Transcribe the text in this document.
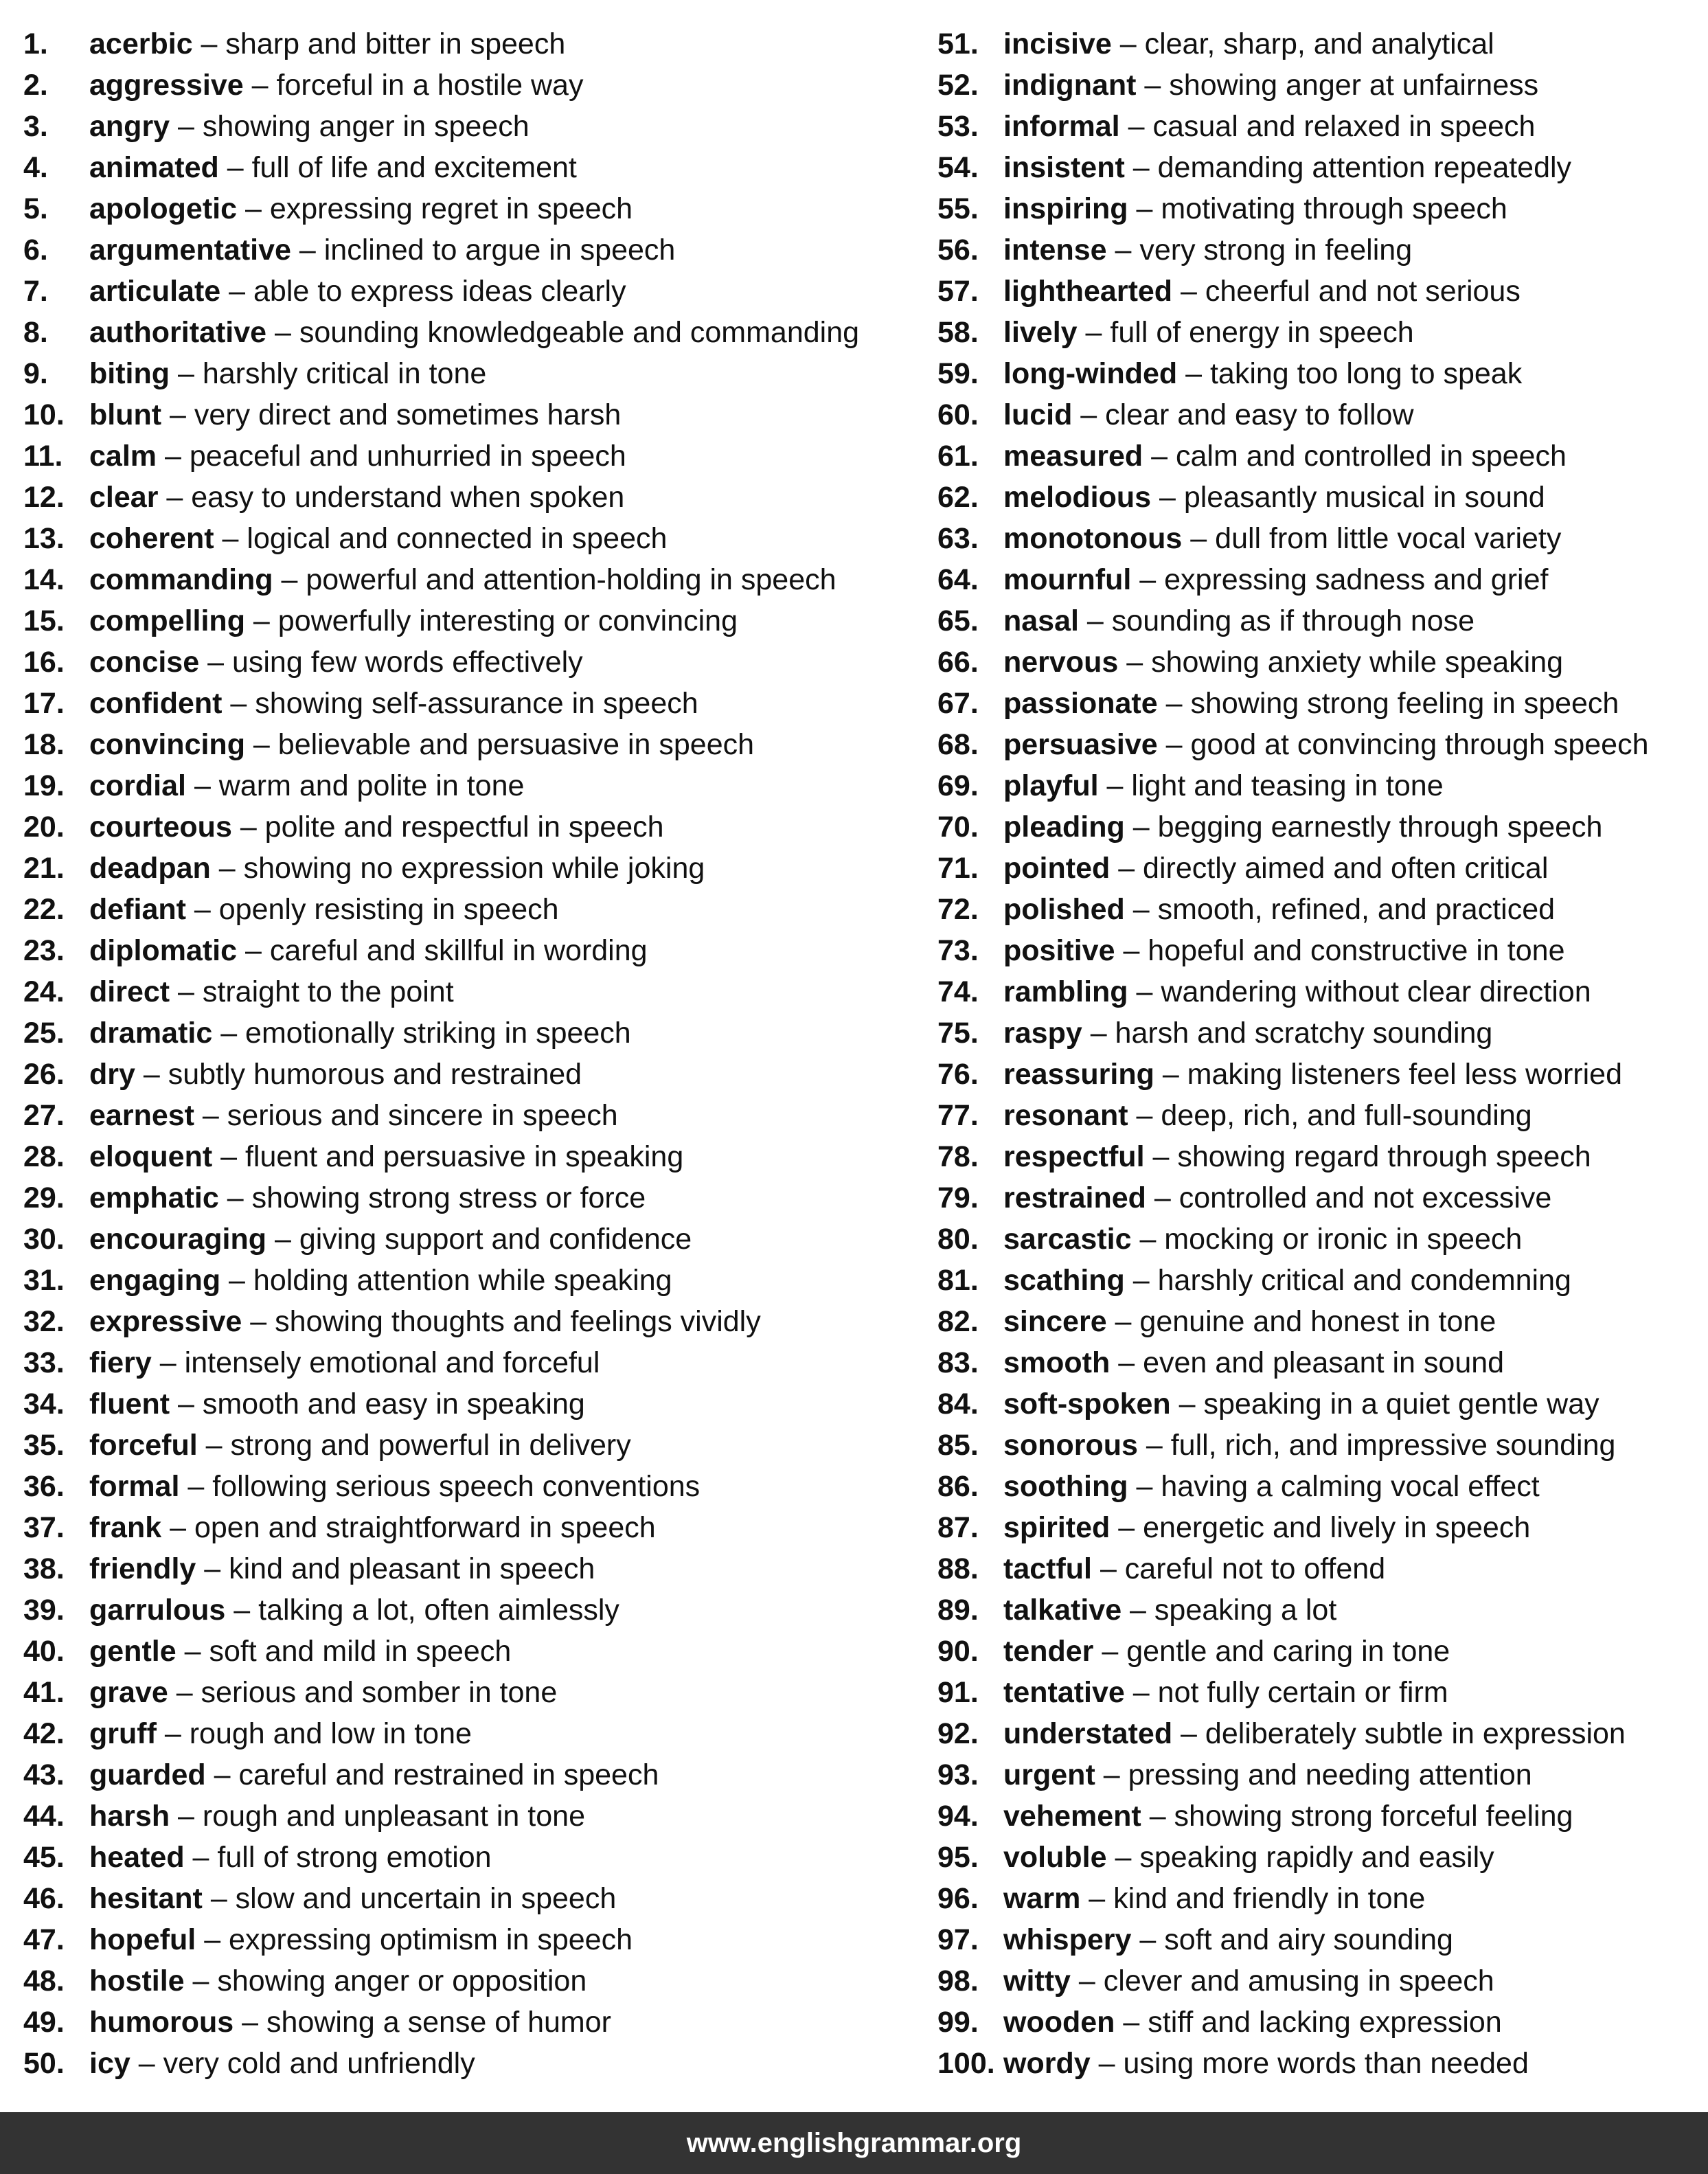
1. acerbic – sharp and bitter in speech
2. aggressive – forceful in a hostile way
3. angry – showing anger in speech
4. animated – full of life and excitement
5. apologetic – expressing regret in speech
6. argumentative – inclined to argue in speech
7. articulate – able to express ideas clearly
8. authoritative – sounding knowledgeable and commanding
9. biting – harshly critical in tone
10. blunt – very direct and sometimes harsh
11. calm – peaceful and unhurried in speech
12. clear – easy to understand when spoken
13. coherent – logical and connected in speech
14. commanding – powerful and attention-holding in speech
15. compelling – powerfully interesting or convincing
16. concise – using few words effectively
17. confident – showing self-assurance in speech
18. convincing – believable and persuasive in speech
19. cordial – warm and polite in tone
20. courteous – polite and respectful in speech
21. deadpan – showing no expression while joking
22. defiant – openly resisting in speech
23. diplomatic – careful and skillful in wording
24. direct – straight to the point
25. dramatic – emotionally striking in speech
26. dry – subtly humorous and restrained
27. earnest – serious and sincere in speech
28. eloquent – fluent and persuasive in speaking
29. emphatic – showing strong stress or force
30. encouraging – giving support and confidence
31. engaging – holding attention while speaking
32. expressive – showing thoughts and feelings vividly
33. fiery – intensely emotional and forceful
34. fluent – smooth and easy in speaking
35. forceful – strong and powerful in delivery
36. formal – following serious speech conventions
37. frank – open and straightforward in speech
38. friendly – kind and pleasant in speech
39. garrulous – talking a lot, often aimlessly
40. gentle – soft and mild in speech
41. grave – serious and somber in tone
42. gruff – rough and low in tone
43. guarded – careful and restrained in speech
44. harsh – rough and unpleasant in tone
45. heated – full of strong emotion
46. hesitant – slow and uncertain in speech
47. hopeful – expressing optimism in speech
48. hostile – showing anger or opposition
49. humorous – showing a sense of humor
50. icy – very cold and unfriendly
51. incisive – clear, sharp, and analytical
52. indignant – showing anger at unfairness
53. informal – casual and relaxed in speech
54. insistent – demanding attention repeatedly
55. inspiring – motivating through speech
56. intense – very strong in feeling
57. lighthearted – cheerful and not serious
58. lively – full of energy in speech
59. long-winded – taking too long to speak
60. lucid – clear and easy to follow
61. measured – calm and controlled in speech
62. melodious – pleasantly musical in sound
63. monotonous – dull from little vocal variety
64. mournful – expressing sadness and grief
65. nasal – sounding as if through nose
66. nervous – showing anxiety while speaking
67. passionate – showing strong feeling in speech
68. persuasive – good at convincing through speech
69. playful – light and teasing in tone
70. pleading – begging earnestly through speech
71. pointed – directly aimed and often critical
72. polished – smooth, refined, and practiced
73. positive – hopeful and constructive in tone
74. rambling – wandering without clear direction
75. raspy – harsh and scratchy sounding
76. reassuring – making listeners feel less worried
77. resonant – deep, rich, and full-sounding
78. respectful – showing regard through speech
79. restrained – controlled and not excessive
80. sarcastic – mocking or ironic in speech
81. scathing – harshly critical and condemning
82. sincere – genuine and honest in tone
83. smooth – even and pleasant in sound
84. soft-spoken – speaking in a quiet gentle way
85. sonorous – full, rich, and impressive sounding
86. soothing – having a calming vocal effect
87. spirited – energetic and lively in speech
88. tactful – careful not to offend
89. talkative – speaking a lot
90. tender – gentle and caring in tone
91. tentative – not fully certain or firm
92. understated – deliberately subtle in expression
93. urgent – pressing and needing attention
94. vehement – showing strong forceful feeling
95. voluble – speaking rapidly and easily
96. warm – kind and friendly in tone
97. whispery – soft and airy sounding
98. witty – clever and amusing in speech
99. wooden – stiff and lacking expression
100. wordy – using more words than needed
www.englishgrammar.org
